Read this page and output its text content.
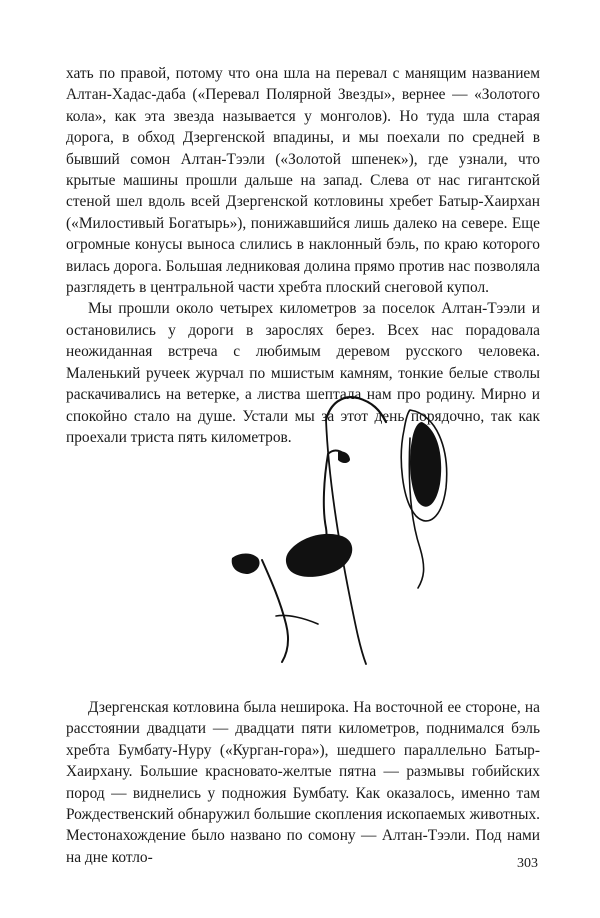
хать по правой, потому что она шла на перевал с манящим названием Алтан-Хадас-даба («Перевал Полярной Звезды», вернее — «Золотого кола», как эта звезда называется у монголов). Но туда шла старая дорога, в обход Дзергенской впадины, и мы поехали по средней в бывший сомон Алтан-Тээли («Золотой шпенек»), где узнали, что крытые машины прошли дальше на запад. Слева от нас гигантской стеной шел вдоль всей Дзергенской котловины хребет Батыр-Хаирхан («Милостивый Богатырь»), понижавшийся лишь далеко на севере. Еще огромные конусы выноса слились в наклонный бэль, по краю которого вилась дорога. Большая ледниковая долина прямо против нас позволяла разглядеть в центральной части хребта плоский снеговой купол.

Мы прошли около четырех километров за поселок Алтан-Тээли и остановились у дороги в зарослях берез. Всех нас порадовала неожиданная встреча с любимым деревом русского человека. Маленький ручеек журчал по мшистым камням, тонкие белые стволы раскачивались на ветерке, а листва шептала нам про родину. Мирно и спокойно стало на душе. Устали мы за этот день порядочно, так как проехали триста пять километров.

Дзергенская котловина была неширока. На восточной ее стороне, на расстоянии двадцати — двадцати пяти километров, поднимался бэль хребта Бумбату-Нуру («Курган-гора»), шедшего параллельно Батыр-Хаирхану. Большие красновато-желтые пятна — размывы гобийских пород — виднелись у подножия Бумбату. Как оказалось, именно там Рождественский обнаружил большие скопления ископаемых животных. Местонахождение было названо по сомону — Алтан-Тээли. Под нами на дне котло-	303
